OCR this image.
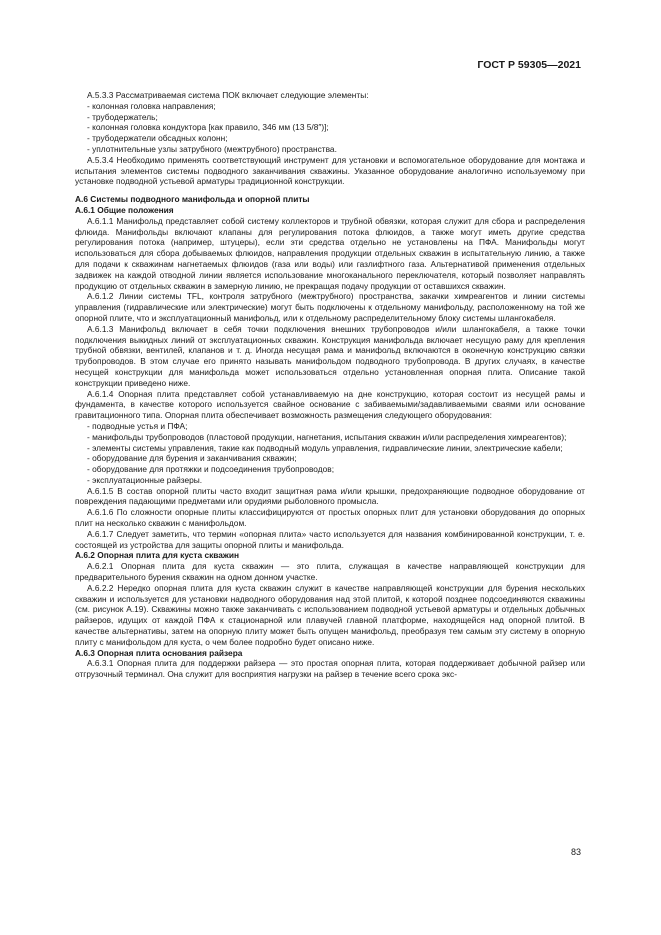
ГОСТ Р 59305—2021

А.5.3.3 Рассматриваемая система ПОК включает следующие элементы:

- колонная головка направления;

- трубодержатель;

- колонная головка кондуктора [как правило, 346 мм (13 5/8″)];

- трубодержатели обсадных колонн;

- уплотнительные узлы затрубного (межтрубного) пространства.

А.5.3.4 Необходимо применять соответствующий инструмент для установки и вспомогательное оборудование для монтажа и испытания элементов системы подводного заканчивания скважины. Указанное оборудование аналогично используемому при установке подводной устьевой арматуры традиционной конструкции.

А.6 Системы подводного манифольда и опорной плиты

А.6.1 Общие положения

А.6.1.1 Манифольд представляет собой систему коллекторов и трубной обвязки, которая служит для сбора и распределения флюида. Манифольды включают клапаны для регулирования потока флюидов, а также могут иметь другие средства регулирования потока (например, штуцеры), если эти средства отдельно не установлены на ПФА. Манифольды могут использоваться для сбора добываемых флюидов, направления продукции отдельных скважин в испытательную линию, а также для подачи к скважинам нагнетаемых флюидов (газа или воды) или газлифтного газа. Альтернативой применения отдельных задвижек на каждой отводной линии является использование многоканального переключателя, который позволяет направлять продукцию от отдельных скважин в замерную линию, не прекращая подачу продукции от оставшихся скважин.

А.6.1.2 Линии системы TFL, контроля затрубного (межтрубного) пространства, закачки химреагентов и линии системы управления (гидравлические или электрические) могут быть подключены к отдельному манифольду, расположенному на той же опорной плите, что и эксплуатационный манифольд, или к отдельному распределительному блоку системы шлангокабеля.

А.6.1.3 Манифольд включает в себя точки подключения внешних трубопроводов и/или шлангокабеля, а также точки подключения выкидных линий от эксплуатационных скважин. Конструкция манифольда включает несущую раму для крепления трубной обвязки, вентилей, клапанов и т. д. Иногда несущая рама и манифольд включаются в оконечную конструкцию связки трубопроводов. В этом случае его принято называть манифольдом подводного трубопровода. В других случаях, в качестве несущей конструкции для манифольда может использоваться отдельно установленная опорная плита. Описание такой конструкции приведено ниже.

А.6.1.4 Опорная плита представляет собой устанавливаемую на дне конструкцию, которая состоит из несущей рамы и фундамента, в качестве которого используется свайное основание с забиваемыми/задавливаемыми сваями или основание гравитационного типа. Опорная плита обеспечивает возможность размещения следующего оборудования:

- подводные устья и ПФА;

- манифольды трубопроводов (пластовой продукции, нагнетания, испытания скважин и/или распределения химреагентов);

- элементы системы управления, такие как подводный модуль управления, гидравлические линии, электрические кабели;

- оборудование для бурения и заканчивания скважин;

- оборудование для протяжки и подсоединения трубопроводов;

- эксплуатационные райзеры.

А.6.1.5 В состав опорной плиты часто входит защитная рама и/или крышки, предохраняющие подводное оборудование от повреждения падающими предметами или орудиями рыболовного промысла.

А.6.1.6 По сложности опорные плиты классифицируются от простых опорных плит для установки оборудования до опорных плит на несколько скважин с манифольдом.

А.6.1.7 Следует заметить, что термин «опорная плита» часто используется для названия комбинированной конструкции, т. е. состоящей из устройства для защиты опорной плиты и манифольда.

А.6.2 Опорная плита для куста скважин

А.6.2.1 Опорная плита для куста скважин — это плита, служащая в качестве направляющей конструкции для предварительного бурения скважин на одном донном участке.

А.6.2.2 Нередко опорная плита для куста скважин служит в качестве направляющей конструкции для бурения нескольких скважин и используется для установки надводного оборудования над этой плитой, к которой позднее подсоединяются скважины (см. рисунок А.19). Скважины можно также заканчивать с использованием подводной устьевой арматуры и отдельных добычных райзеров, идущих от каждой ПФА к стационарной или плавучей главной платформе, находящейся над опорной плитой. В качестве альтернативы, затем на опорную плиту может быть опущен манифольд, преобразуя тем самым эту систему в опорную плиту с манифольдом для куста, о чем более подробно будет описано ниже.

А.6.3 Опорная плита основания райзера

А.6.3.1 Опорная плита для поддержки райзера — это простая опорная плита, которая поддерживает добычной райзер или отгрузочный терминал. Она служит для восприятия нагрузки на райзер в течение всего срока экс-

83
